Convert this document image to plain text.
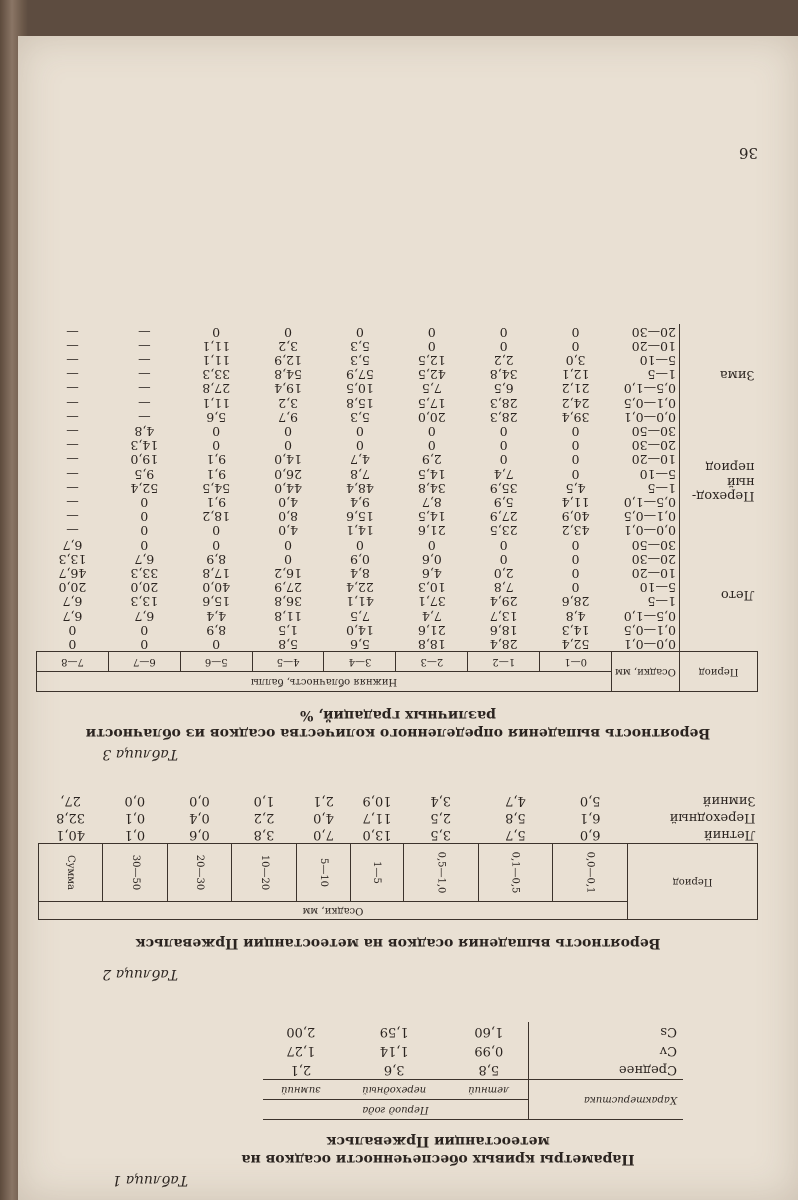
36
Таблица 1
Параметры кривых обеспеченности осадков на метеостанции Пржевальск
Характеристика	Период года		
	летний	переходный	зимний
Среднее	5,8	3,6	2,1
Cv	0,99	1,14	1,27
Cs	1,60	1,59	2,00
Таблица 2
Вероятность выпадения осадков на метеостанции Пржевальск
Период	Осадки, мм								
	0,0—0,1	0,1—0,5	0,5—1,0	1—5	5—10	10—20	20—30	30—50	Сумма
Летний	6,0	5,7	3,5	13,0	7,0	3,8	0,6	0,1	40,1
Переходный	6,1	5,8	2,5	11,7	4,0	2,2	0,4	0,1	32,8
Зимний	5,0	4,7	3,4	10,9	2,1	1,0	0,0	0,0	27,
Таблица 3
Вероятность выпадения определенного количества осадков из облачности различных градаций, %
Период	Осадки, мм	Нижняя облачность, баллы							
		0—1	1—2	2—3	3—4	4—5	5—6	6—7	7—8
Лето	0,0—0,1	52,4	28,4	18,8	5,6	5,8	0	0	0
	0,1—0,5	14,3	18,6	21,6	14,0	1,5	8,9	0	0
	0,5—1,0	4,8	13,7	7,4	7,5	11,8	4,4	6,7	6,7
	1—5	28,6	29,4	37,1	41,1	36,8	15,6	13,3	6,7
	5—10	0	7,8	10,3	22,4	27,9	40,0	20,0	20,0
	10—20	0	2,0	4,6	8,4	16,2	17,8	33,3	46,7
	20—30	0	0	0,6	0,9	0	8,9	6,7	13,3
	30—50	0	0	0	0	0	0	0	6,7
Переход-ный период	0,0—0,1	43,2	23,5	21,6	14,1	4,0	0	0	—
	0,1—0,5	40,9	27,9	14,5	15,6	8,0	18,2	0	—
	0,5—1,0	11,4	5,9	8,7	9,4	4,0	9,1	0	—
	1—5	4,5	35,9	34,8	48,4	44,0	54,5	52,4	—
	5—10	0	7,4	14,5	7,8	26,0	9,1	9,5	—
	10—20	0	0	2,9	4,7	14,0	9,1	19,0	—
	20—30	0	0	0	0	0	0	14,3	—
	30—50	0	0	0	0	0	0	4,8	—
Зима	0,0—0,1	39,4	28,3	20,0	5,3	9,7	5,6	—	—
	0,1—0,5	24,2	28,3	17,5	15,8	3,2	11,1	—	—
	0,5—1,0	21,2	6,5	7,5	10,5	19,4	27,8	—	—
	1—5	12,1	34,8	42,5	57,9	54,8	33,3	—	—
	5—10	3,0	2,2	12,5	5,3	12,9	11,1	—	—
	10—20	0	0	0	5,3	3,2	11,1	—	—
	20—30	0	0	0	0	0	0	—	—
